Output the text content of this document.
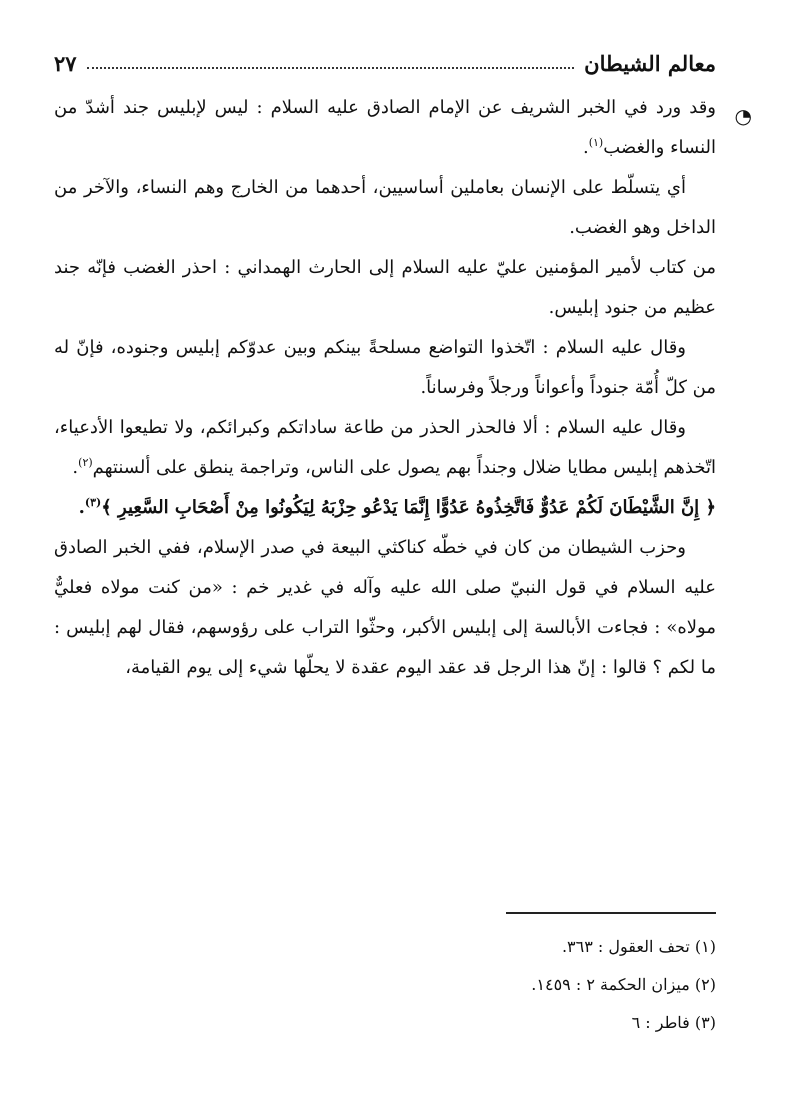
معالم الشيطان
٢٧
◔

وقد ورد في الخبر الشريف عن الإمام الصادق عليه السلام : ليس لإبليس جند أشدّ من النساء والغضب$^{(١)}$.

أي يتسلّط على الإنسان بعاملين أساسيين، أحدهما من الخارج وهم النساء، والآخر من الداخل وهو الغضب.

من كتاب لأمير المؤمنين عليّ عليه السلام إلى الحارث الهمداني : احذر الغضب فإنّه جند عظيم من جنود إبليس.

وقال عليه السلام : اتّخذوا التواضع مسلحةً بينكم وبين عدوّكم إبليس وجنوده، فإنّ له من كلّ أُمّة جنوداً وأعواناً ورجلاً وفرساناً.

وقال عليه السلام : ألا فالحذر الحذر من طاعة ساداتكم وكبرائكم، ولا تطيعوا الأدعياء، اتّخذهم إبليس مطايا ضلال وجنداً بهم يصول على الناس، وتراجمة ينطق على ألسنتهم$^{(٢)}$.

﴿ إِنَّ الشَّيْطَانَ لَكُمْ عَدُوٌّ فَاتَّخِذُوهُ عَدُوًّا إِنَّمَا يَدْعُو حِزْبَهُ لِيَكُونُوا مِنْ أَصْحَابِ السَّعِيرِ ﴾$^{(٣)}$.

وحزب الشيطان من كان في خطّه كناكثي البيعة في صدر الإسلام، ففي الخبر الصادق عليه السلام في قول النبيّ صلى الله عليه وآله في غدير خم : «من كنت مولاه فعليٌّ مولاه» : فجاءت الأبالسة إلى إبليس الأكبر، وحثّوا التراب على رؤوسهم، فقال لهم إبليس : ما لكم ؟ قالوا : إنّ هذا الرجل قد عقد اليوم عقدة لا يحلّها شيء إلى يوم القيامة،

(١) تحف العقول : ٣٦٣.

(٢) ميزان الحكمة ٢ : ١٤٥٩.

(٣) فاطر : ٦
